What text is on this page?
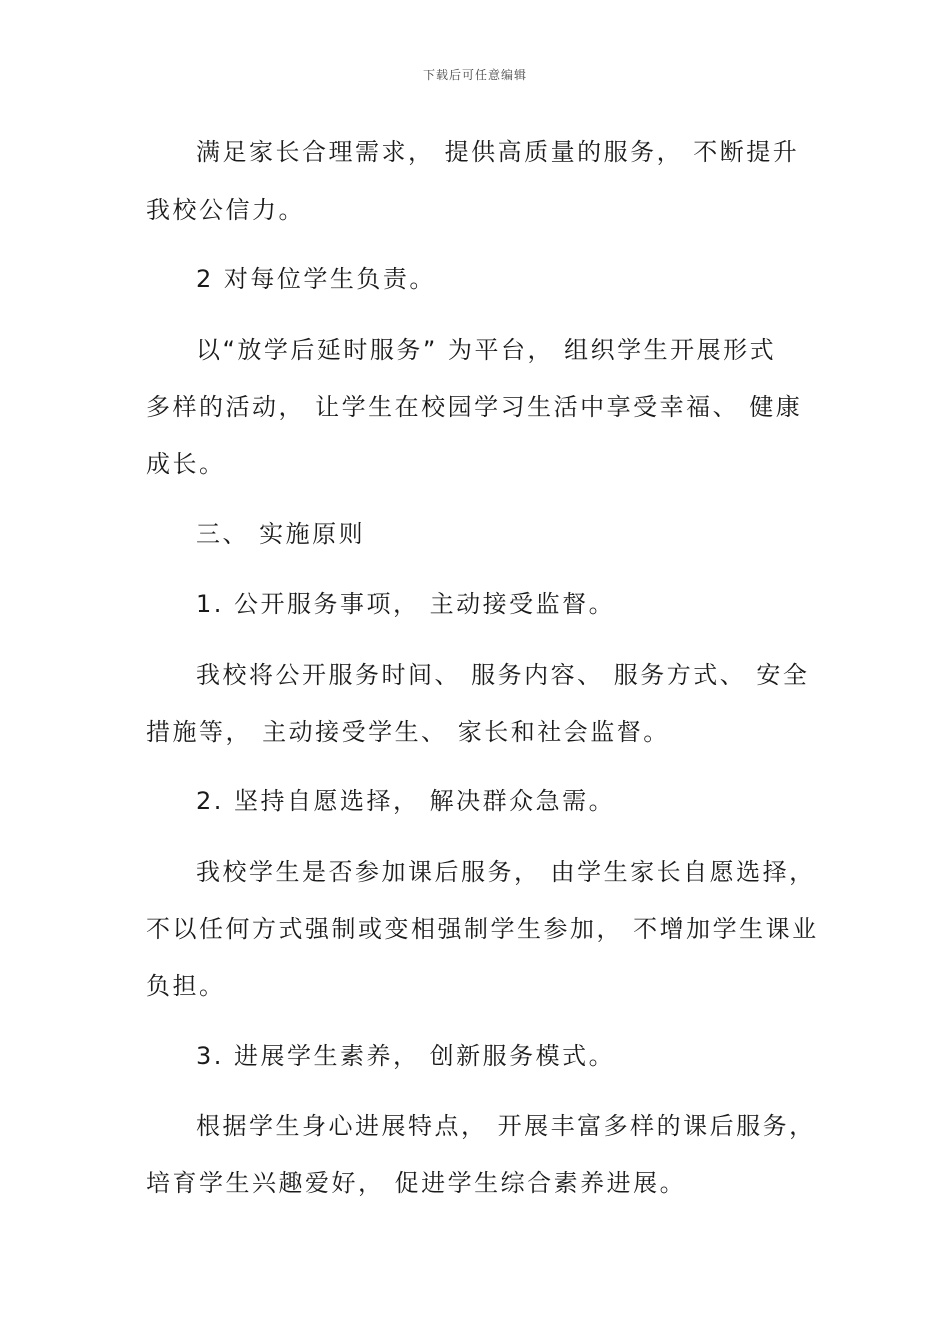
下载后可任意编辑
满足家长合理需求， 提供高质量的服务， 不断提升
我校公信力。
2 对每位学生负责。
以“放学后延时服务” 为平台， 组织学生开展形式
多样的活动， 让学生在校园学习生活中享受幸福、 健康
成长。
三、 实施原则
1. 公开服务事项， 主动接受监督。
我校将公开服务时间、 服务内容、 服务方式、 安全
措施等， 主动接受学生、 家长和社会监督。
2. 坚持自愿选择， 解决群众急需。
我校学生是否参加课后服务， 由学生家长自愿选择，
不以任何方式强制或变相强制学生参加， 不增加学生课业
负担。
3. 进展学生素养， 创新服务模式。
根据学生身心进展特点， 开展丰富多样的课后服务，
培育学生兴趣爱好， 促进学生综合素养进展。
